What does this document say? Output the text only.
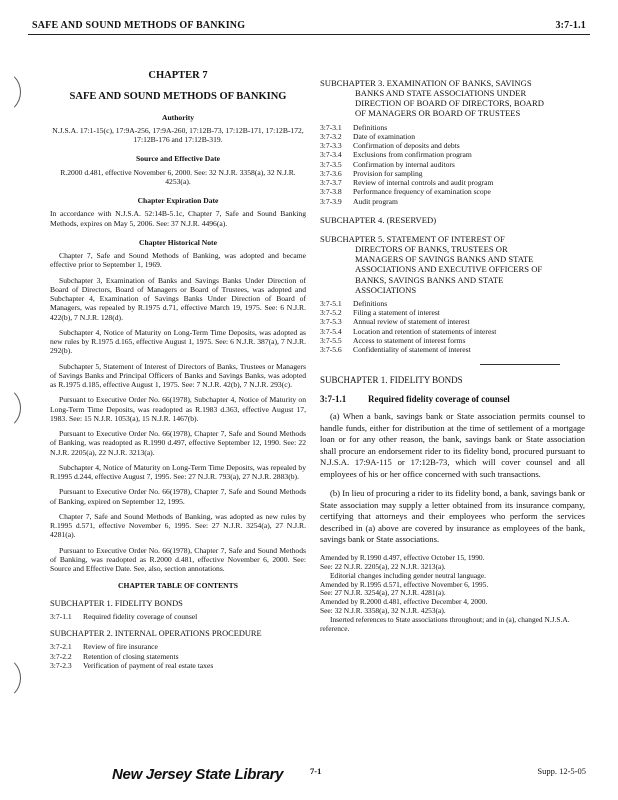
SAFE AND SOUND METHODS OF BANKING	3:7-1.1
CHAPTER 7
SAFE AND SOUND METHODS OF BANKING
Authority
N.J.S.A. 17:1-15(c), 17:9A-256, 17:9A-260, 17:12B-73, 17:12B-171, 17:12B-172, 17:12B-176 and 17:12B-319.
Source and Effective Date
R.2000 d.481, effective November 6, 2000. See: 32 N.J.R. 3358(a), 32 N.J.R. 4253(a).
Chapter Expiration Date
In accordance with N.J.S.A. 52:14B-5.1c, Chapter 7, Safe and Sound Banking Methods, expires on May 5, 2006. See: 37 N.J.R. 4496(a).
Chapter Historical Note
Chapter 7, Safe and Sound Methods of Banking, was adopted and became effective prior to September 1, 1969.
Subchapter 3, Examination of Banks and Savings Banks Under Direction of Board of Directors, Board of Managers or Board of Trustees, was adopted and Subchapter 4, Examination of Savings Banks Under Direction of Board of Managers, was repealed by R.1975 d.71, effective March 19, 1975. See: 6 N.J.R. 422(b), 7 N.J.R. 128(d).
Subchapter 4, Notice of Maturity on Long-Term Time Deposits, was adopted as new rules by R.1975 d.165, effective August 1, 1975. See: 6 N.J.R. 387(a), 7 N.J.R. 292(b).
Subchapter 5, Statement of Interest of Directors of Banks, Trustees or Managers of Savings Banks and Principal Officers of Banks and Savings Banks, was adopted as R.1975 d.185, effective August 1, 1975. See: 7 N.J.R. 42(b), 7 N.J.R. 293(c).
Pursuant to Executive Order No. 66(1978), Subchapter 4, Notice of Maturity on Long-Term Time Deposits, was readopted as R.1983 d.363, effective August 17, 1983. See: 15 N.J.R. 1053(a), 15 N.J.R. 1467(b).
Pursuant to Executive Order No. 66(1978), Chapter 7, Safe and Sound Methods of Banking, was readopted as R.1990 d.497, effective September 12, 1990. See: 22 N.J.R. 2205(a), 22 N.J.R. 3213(a).
Subchapter 4, Notice of Maturity on Long-Term Time Deposits, was repealed by R.1995 d.244, effective August 7, 1995. See: 27 N.J.R. 793(a), 27 N.J.R. 2883(b).
Pursuant to Executive Order No. 66(1978), Chapter 7, Safe and Sound Methods of Banking, expired on September 12, 1995.
Chapter 7, Safe and Sound Methods of Banking, was adopted as new rules by R.1995 d.571, effective November 6, 1995. See: 27 N.J.R. 3254(a), 27 N.J.R. 4281(a).
Pursuant to Executive Order No. 66(1978), Chapter 7, Safe and Sound Methods of Banking, was readopted as R.2000 d.481, effective November 6, 2000. See: Source and Effective Date. See, also, section annotations.
CHAPTER TABLE OF CONTENTS
SUBCHAPTER 1. FIDELITY BONDS
3:7-1.1	Required fidelity coverage of counsel
SUBCHAPTER 2. INTERNAL OPERATIONS PROCEDURE
3:7-2.1	Review of fire insurance
3:7-2.2	Retention of closing statements
3:7-2.3	Verification of payment of real estate taxes
SUBCHAPTER 3. EXAMINATION OF BANKS, SAVINGS
BANKS AND STATE ASSOCIATIONS UNDER
DIRECTION OF BOARD OF DIRECTORS, BOARD
OF MANAGERS OR BOARD OF TRUSTEES
3:7-3.1	Definitions
3:7-3.2	Date of examination
3:7-3.3	Confirmation of deposits and debts
3:7-3.4	Exclusions from confirmation program
3:7-3.5	Confirmation by internal auditors
3:7-3.6	Provision for sampling
3:7-3.7	Review of internal controls and audit program
3:7-3.8	Performance frequency of examination scope
3:7-3.9	Audit program
SUBCHAPTER 4. (RESERVED)
SUBCHAPTER 5. STATEMENT OF INTEREST OF
DIRECTORS OF BANKS, TRUSTEES OR
MANAGERS OF SAVINGS BANKS AND STATE
ASSOCIATIONS AND EXECUTIVE OFFICERS OF
BANKS, SAVINGS BANKS AND STATE
ASSOCIATIONS
3:7-5.1	Definitions
3:7-5.2	Filing a statement of interest
3:7-5.3	Annual review of statement of interest
3:7-5.4	Location and retention of statements of interest
3:7-5.5	Access to statement of interest forms
3:7-5.6	Confidentiality of statement of interest
SUBCHAPTER 1. FIDELITY BONDS
3:7-1.1	Required fidelity coverage of counsel
(a) When a bank, savings bank or State association permits counsel to handle funds, either for distribution at the time of settlement of a mortgage loan or for any other reason, the bank, savings bank or State association shall procure an endorsement rider to its fidelity bond, procured pursuant to N.J.S.A. 17:9A-115 or 17:12B-73, which will cover counsel and all employees of his or her office concerned with such transactions.
(b) In lieu of procuring a rider to its fidelity bond, a bank, savings bank or State association may supply a letter obtained from its insurance company, certifying that attorneys and their employees who perform the services described in (a) above are covered by insurance as employees of the bank, savings bank or State associations.
Amended by R.1990 d.497, effective October 15, 1990.
See: 22 N.J.R. 2205(a), 22 N.J.R. 3213(a).
Editorial changes including gender neutral language.
Amended by R.1995 d.571, effective November 6, 1995.
See: 27 N.J.R. 3254(a), 27 N.J.R. 4281(a).
Amended by R.2000 d.481, effective December 4, 2000.
See: 32 N.J.R. 3358(a), 32 N.J.R. 4253(a).
Inserted references to State associations throughout; and in (a), changed N.J.S.A. reference.
New Jersey State Library	7-1	Supp. 12-5-05
